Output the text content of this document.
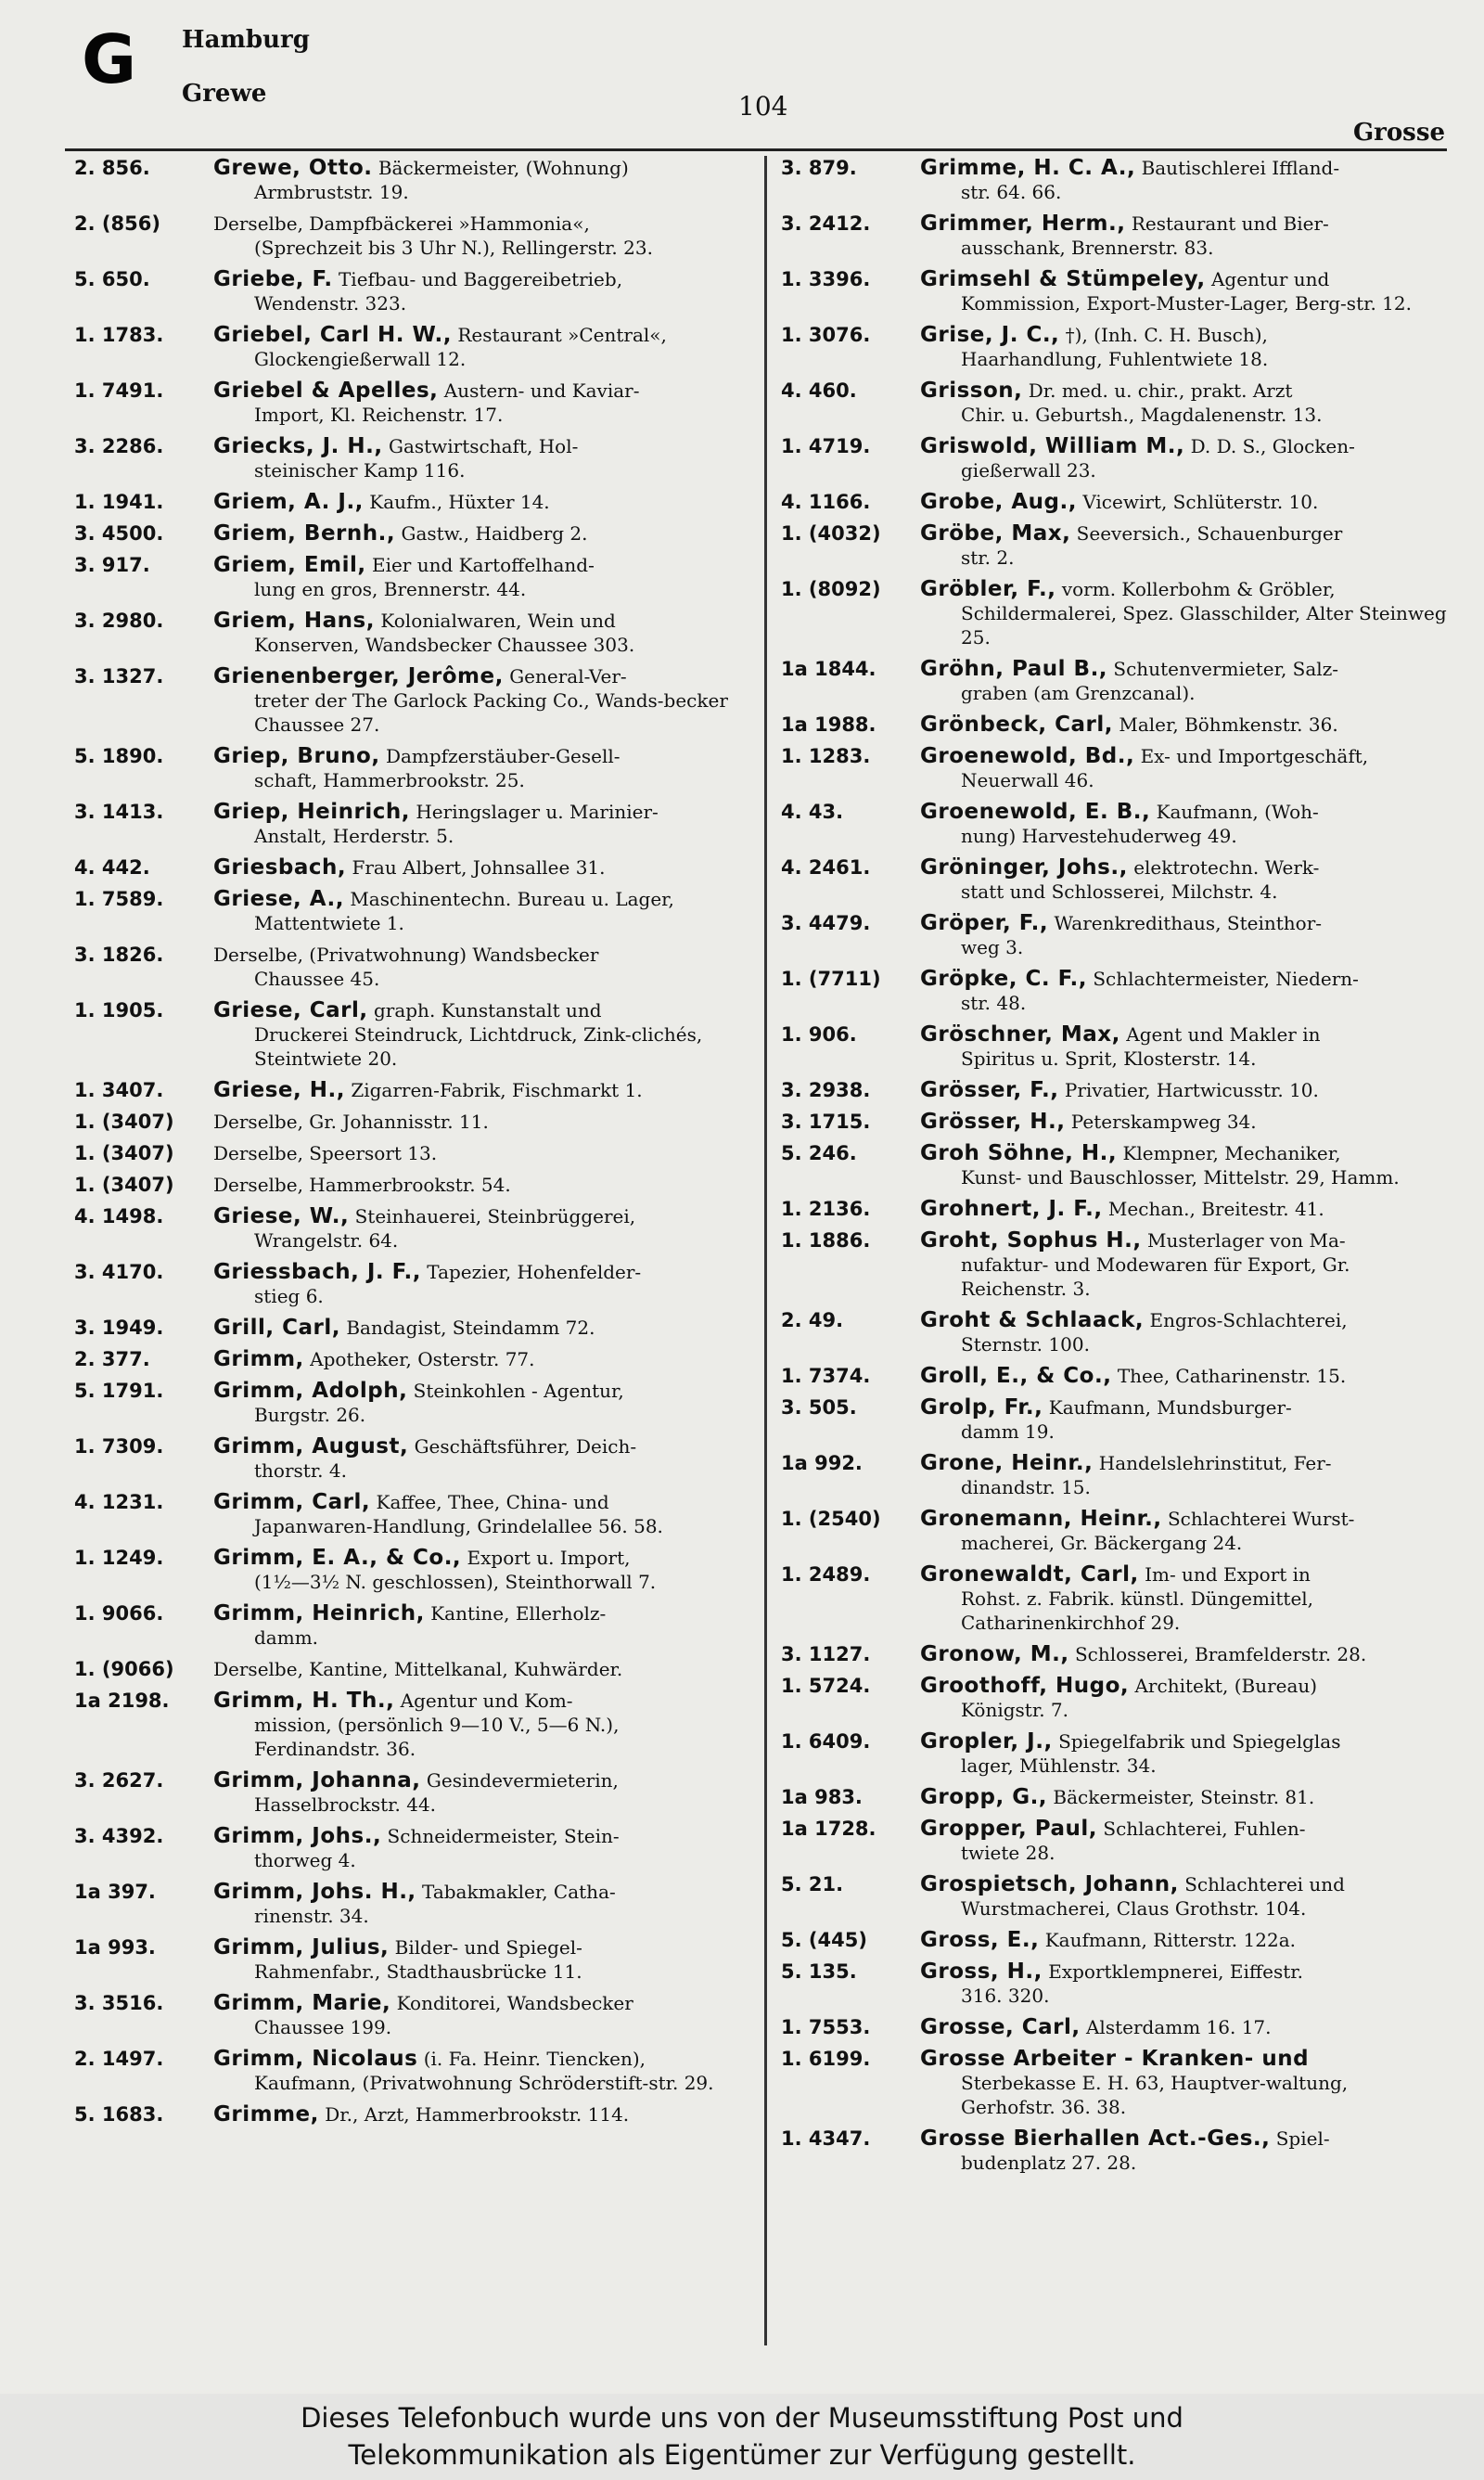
G Hamburg
Grewe	104
Grosse
2. 856.	Grewe, Otto. Bäckermeister, (Wohnung)
Armbruststr. 19.
2. (856)	Derselbe, Dampfbäckerei »Hammonia«,
(Sprechzeit bis 3 Uhr N.), Rellingerstr. 23.
5. 650.	Griebe, F. Tiefbau- und Baggereibetrieb,
Wendenstr. 323.
1. 1783.	Griebel, Carl H. W., Restaurant »Central«,
Glockengießerwall 12.
1. 7491.	Griebel & Apelles, Austern- und Kaviar-
Import, Kl. Reichenstr. 17.
3. 2286.	Griecks, J. H., Gastwirtschaft, Hol-
steinischer Kamp 116.
1. 1941.	Griem, A. J., Kaufm., Hüxter 14.
3. 4500.	Griem, Bernh., Gastw., Haidberg 2.
3. 917.	Griem, Emil, Eier und Kartoffelhand-
lung en gros, Brennerstr. 44.
3. 2980.	Griem, Hans, Kolonialwaren, Wein und
Konserven, Wandsbecker Chaussee 303.
3. 1327.	Grienenberger, Jerôme, General-Ver-
treter der The Garlock Packing Co., Wands-becker Chaussee 27.
5. 1890.	Griep, Bruno, Dampfzerstäuber-Gesell-
schaft, Hammerbrookstr. 25.
3. 1413.	Griep, Heinrich, Heringslager u. Marinier-
Anstalt, Herderstr. 5.
4. 442.	Griesbach, Frau Albert, Johnsallee 31.
1. 7589.	Griese, A., Maschinentechn. Bureau u. Lager,
Mattentwiete 1.
3. 1826.	Derselbe, (Privatwohnung) Wandsbecker
Chaussee 45.
1. 1905.	Griese, Carl, graph. Kunstanstalt und
Druckerei Steindruck, Lichtdruck, Zink-clichés, Steintwiete 20.
1. 3407.	Griese, H., Zigarren-Fabrik, Fischmarkt 1.
1. (3407)	Derselbe, Gr. Johannisstr. 11.
1. (3407)	Derselbe, Speersort 13.
1. (3407)	Derselbe, Hammerbrookstr. 54.
4. 1498.	Griese, W., Steinhauerei, Steinbrüggerei,
Wrangelstr. 64.
3. 4170.	Griessbach, J. F., Tapezier, Hohenfelder-
stieg 6.
3. 1949.	Grill, Carl, Bandagist, Steindamm 72.
2. 377.	Grimm, Apotheker, Osterstr. 77.
5. 1791.	Grimm, Adolph, Steinkohlen - Agentur,
Burgstr. 26.
1. 7309.	Grimm, August, Geschäftsführer, Deich-
thorstr. 4.
4. 1231.	Grimm, Carl, Kaffee, Thee, China- und
Japanwaren-Handlung, Grindelallee 56. 58.
1. 1249.	Grimm, E. A., & Co., Export u. Import,
(1½—3½ N. geschlossen), Steinthorwall 7.
1. 9066.	Grimm, Heinrich, Kantine, Ellerholz-
damm.
1. (9066)	Derselbe, Kantine, Mittelkanal, Kuhwärder.
1a 2198.	Grimm, H. Th., Agentur und Kom-
mission, (persönlich 9—10 V., 5—6 N.), Ferdinandstr. 36.
3. 2627.	Grimm, Johanna, Gesindevermieterin,
Hasselbrockstr. 44.
3. 4392.	Grimm, Johs., Schneidermeister, Stein-
thorweg 4.
1a 397.	Grimm, Johs. H., Tabakmakler, Catha-
rinenstr. 34.
1a 993.	Grimm, Julius, Bilder- und Spiegel-
Rahmenfabr., Stadthausbrücke 11.
3. 3516.	Grimm, Marie, Konditorei, Wandsbecker
Chaussee 199.
2. 1497.	Grimm, Nicolaus (i. Fa. Heinr. Tiencken),
Kaufmann, (Privatwohnung Schröderstift-str. 29.
5. 1683.	Grimme, Dr., Arzt, Hammerbrookstr. 114.
3. 879.	Grimme, H. C. A., Bautischlerei Iffland-
str. 64. 66.
3. 2412.	Grimmer, Herm., Restaurant und Bier-
ausschank, Brennerstr. 83.
1. 3396.	Grimsehl & Stümpeley, Agentur und
Kommission, Export-Muster-Lager, Berg-str. 12.
1. 3076.	Grise, J. C., †), (Inh. C. H. Busch),
Haarhandlung, Fuhlentwiete 18.
4. 460.	Grisson, Dr. med. u. chir., prakt. Arzt
Chir. u. Geburtsh., Magdalenenstr. 13.
1. 4719.	Griswold, William M., D. D. S., Glocken-
gießerwall 23.
4. 1166.	Grobe, Aug., Vicewirt, Schlüterstr. 10.
1. (4032)	Gröbe, Max, Seeversich., Schauenburger
str. 2.
1. (8092)	Gröbler, F., vorm. Kollerbohm & Gröbler,
Schildermalerei, Spez. Glasschilder, Alter Steinweg 25.
1a 1844.	Gröhn, Paul B., Schutenvermieter, Salz-
graben (am Grenzcanal).
1a 1988.	Grönbeck, Carl, Maler, Böhmkenstr. 36.
1. 1283.	Groenewold, Bd., Ex- und Importgeschäft,
Neuerwall 46.
4. 43.	Groenewold, E. B., Kaufmann, (Woh-
nung) Harvestehuderweg 49.
4. 2461.	Gröninger, Johs., elektrotechn. Werk-
statt und Schlosserei, Milchstr. 4.
3. 4479.	Gröper, F., Warenkredithaus, Steinthor-
weg 3.
1. (7711)	Gröpke, C. F., Schlachtermeister, Niedern-
str. 48.
1. 906.	Gröschner, Max, Agent und Makler in
Spiritus u. Sprit, Klosterstr. 14.
3. 2938.	Grösser, F., Privatier, Hartwicusstr. 10.
3. 1715.	Grösser, H., Peterskampweg 34.
5. 246.	Groh Söhne, H., Klempner, Mechaniker,
Kunst- und Bauschlosser, Mittelstr. 29, Hamm.
1. 2136.	Grohnert, J. F., Mechan., Breitestr. 41.
1. 1886.	Groht, Sophus H., Musterlager von Ma-
nufaktur- und Modewaren für Export, Gr. Reichenstr. 3.
2. 49.	Groht & Schlaack, Engros-Schlachterei,
Sternstr. 100.
1. 7374.	Groll, E., & Co., Thee, Catharinenstr. 15.
3. 505.	Grolp, Fr., Kaufmann, Mundsburger-
damm 19.
1a 992.	Grone, Heinr., Handelslehrinstitut, Fer-
dinandstr. 15.
1. (2540)	Gronemann, Heinr., Schlachterei Wurst-
macherei, Gr. Bäckergang 24.
1. 2489.	Gronewaldt, Carl, Im- und Export in
Rohst. z. Fabrik. künstl. Düngemittel, Catharinenkirchhof 29.
3. 1127.	Gronow, M., Schlosserei, Bramfelderstr. 28.
1. 5724.	Groothoff, Hugo, Architekt, (Bureau)
Königstr. 7.
1. 6409.	Gropler, J., Spiegelfabrik und Spiegelglas
lager, Mühlenstr. 34.
1a 983.	Gropp, G., Bäckermeister, Steinstr. 81.
1a 1728.	Gropper, Paul, Schlachterei, Fuhlen-
twiete 28.
5. 21.	Grospietsch, Johann, Schlachterei und
Wurstmacherei, Claus Grothstr. 104.
5. (445)	Gross, E., Kaufmann, Ritterstr. 122a.
5. 135.	Gross, H., Exportklempnerei, Eiffestr.
316. 320.
1. 7553.	Grosse, Carl, Alsterdamm 16. 17.
1. 6199.	Grosse Arbeiter - Kranken- und
Sterbekasse E. H. 63, Hauptver-waltung, Gerhofstr. 36. 38.
1. 4347.	Grosse Bierhallen Act.-Ges., Spiel-
budenplatz 27. 28.
Dieses Telefonbuch wurde uns von der Museumsstiftung Post und
Telekommunikation als Eigentümer zur Verfügung gestellt.
